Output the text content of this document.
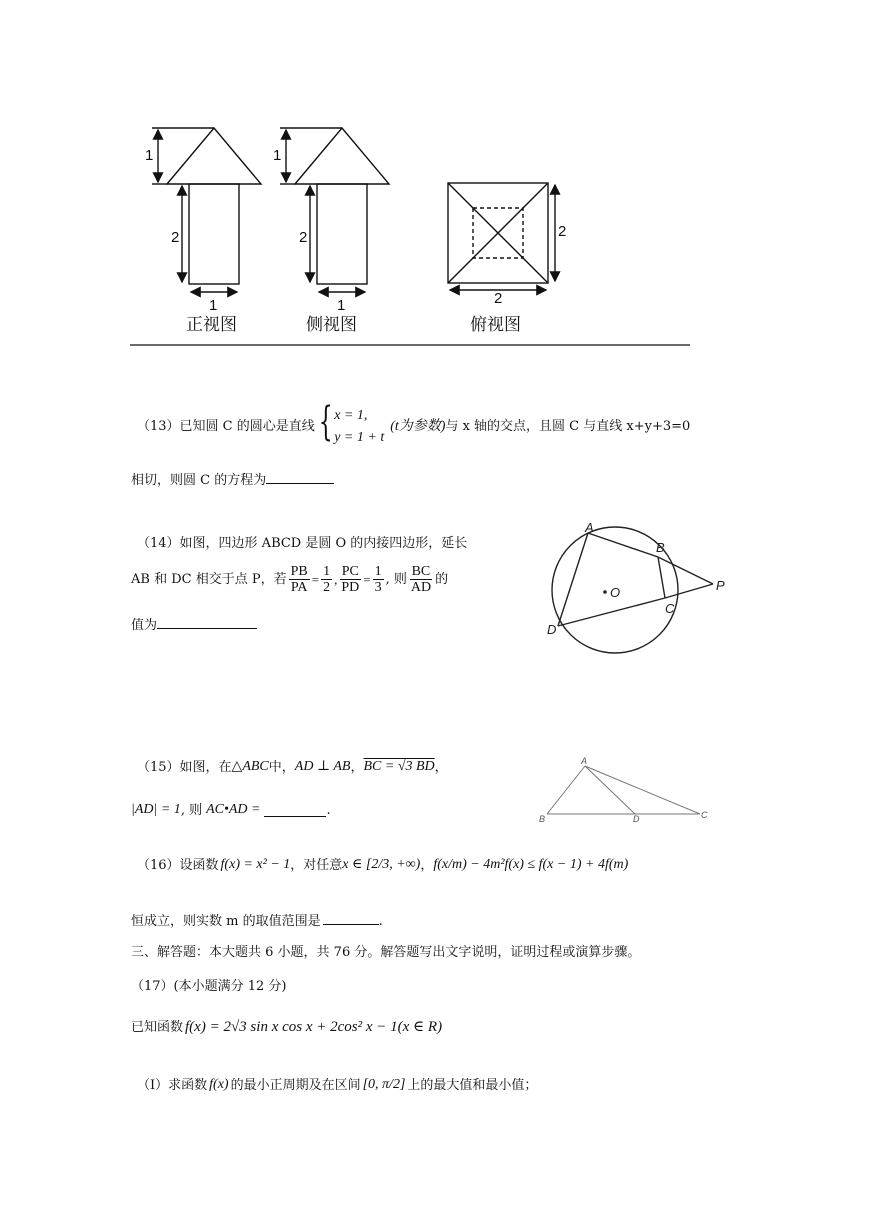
1
2
1
1
2
1
2
2
正视图	侧视图	俯视图
（13）已知圆 C 的圆心是直线 { x = 1,
y = 1 + t
(t为参数) 与 x 轴的交点，且圆 C 与直线 x+y+3=0
相切，则圆 C 的方程为
（14）如图，四边形 ABCD 是圆 O 的内接四边形，延长
AB 和 DC 相交于点 P，若 $\frac{PB}{PA} = \frac{1}{2}$ , $\frac{PC}{PD} = \frac{1}{3}$ , 则 $\frac{BC}{AD}$ 的
值为
A
B
C
D
O	P
（15）如图，在 △ABC 中， AD ⊥ AB ， BC = √3 BD ，
|AD| = 1 , 则 AC•AD =	.
A
B	D	C
（16）设函数 f(x) = x² − 1 ，对任意 x ∈ [2/3, +∞) ， f(x/m) − 4m²f(x) ≤ f(x − 1) + 4f(m)
恒成立，则实数 m 的取值范围是	.
三、解答题：本大题共 6 小题，共 76 分。解答题写出文字说明，证明过程或演算步骤。
（17）(本小题满分 12 分)
已知函数 f(x) = 2√3 sin x cos x + 2cos² x − 1(x ∈ R)
（Ⅰ）求函数 f(x) 的最小正周期及在区间 [0, π/2] 上的最大值和最小值；
